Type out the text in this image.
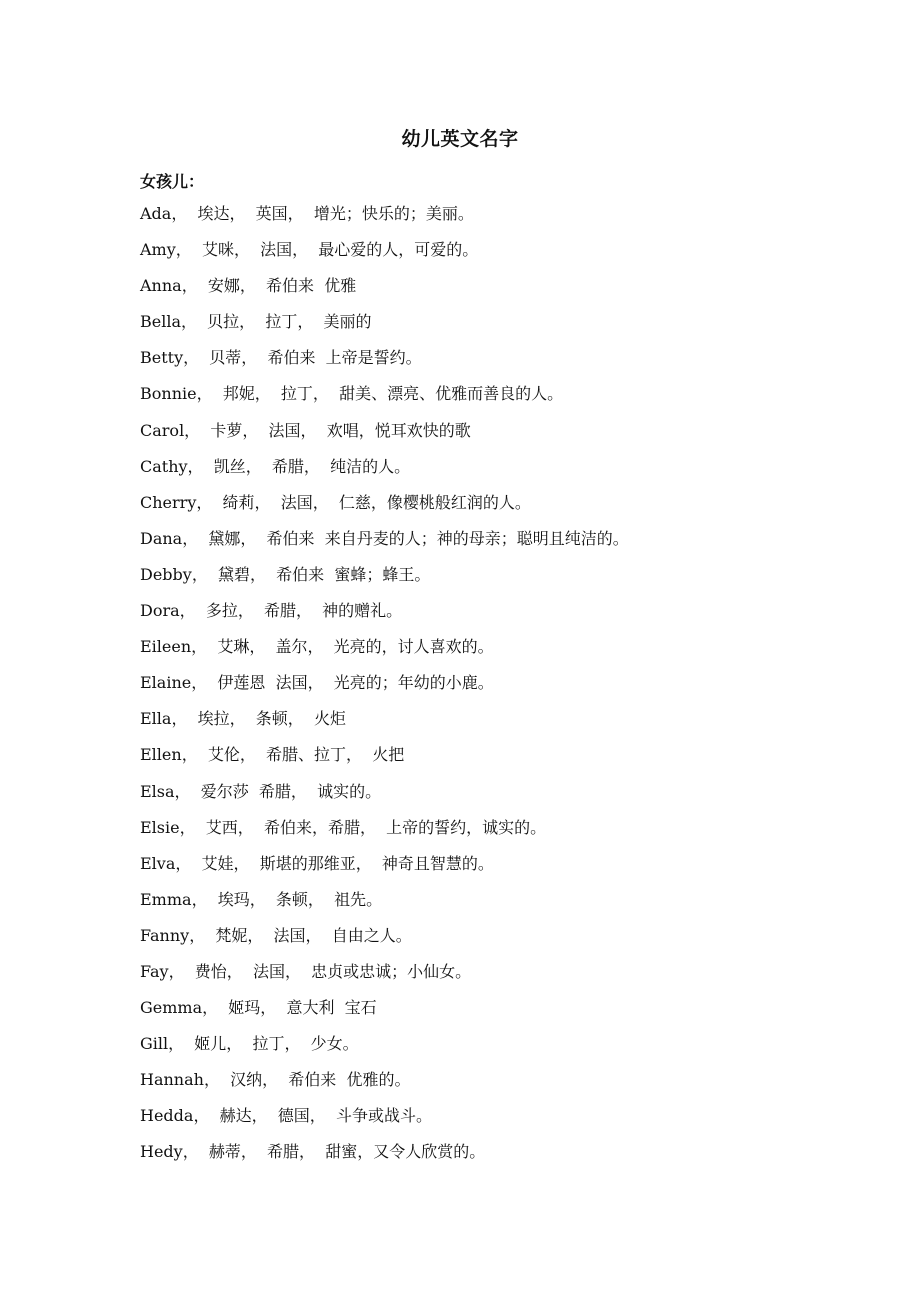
幼儿英文名字
女孩儿：
Ada，  埃达，  英国，  增光；快乐的；美丽。
Amy，  艾咪，  法国，  最心爱的人，可爱的。
Anna，  安娜，  希伯来  优雅
Bella，  贝拉，  拉丁，  美丽的
Betty，  贝蒂，  希伯来  上帝是誓约。
Bonnie，  邦妮，  拉丁，  甜美、漂亮、优雅而善良的人。
Carol，  卡萝，  法国，  欢唱，悦耳欢快的歌
Cathy，  凯丝，  希腊，  纯洁的人。
Cherry，  绮莉，  法国，  仁慈，像樱桃般红润的人。
Dana，  黛娜，  希伯来  来自丹麦的人；神的母亲；聪明且纯洁的。
Debby，  黛碧，  希伯来  蜜蜂；蜂王。
Dora，  多拉，  希腊，  神的赠礼。
Eileen，  艾琳，  盖尔，  光亮的，讨人喜欢的。
Elaine，  伊莲恩  法国，  光亮的；年幼的小鹿。
Ella，  埃拉，  条顿，  火炬
Ellen，  艾伦，  希腊、拉丁，  火把
Elsa，  爱尔莎  希腊，  诚实的。
Elsie，  艾西，  希伯来，希腊，  上帝的誓约，诚实的。
Elva，  艾娃，  斯堪的那维亚，  神奇且智慧的。
Emma，  埃玛，  条顿，  祖先。
Fanny，  梵妮，  法国，  自由之人。
Fay，  费怡，  法国，  忠贞或忠诚；小仙女。
Gemma，  姬玛，  意大利  宝石
Gill，  姬儿，  拉丁，  少女。
Hannah，  汉纳，  希伯来  优雅的。
Hedda，  赫达，  德国，  斗争或战斗。
Hedy，  赫蒂，  希腊，  甜蜜，又令人欣赏的。
